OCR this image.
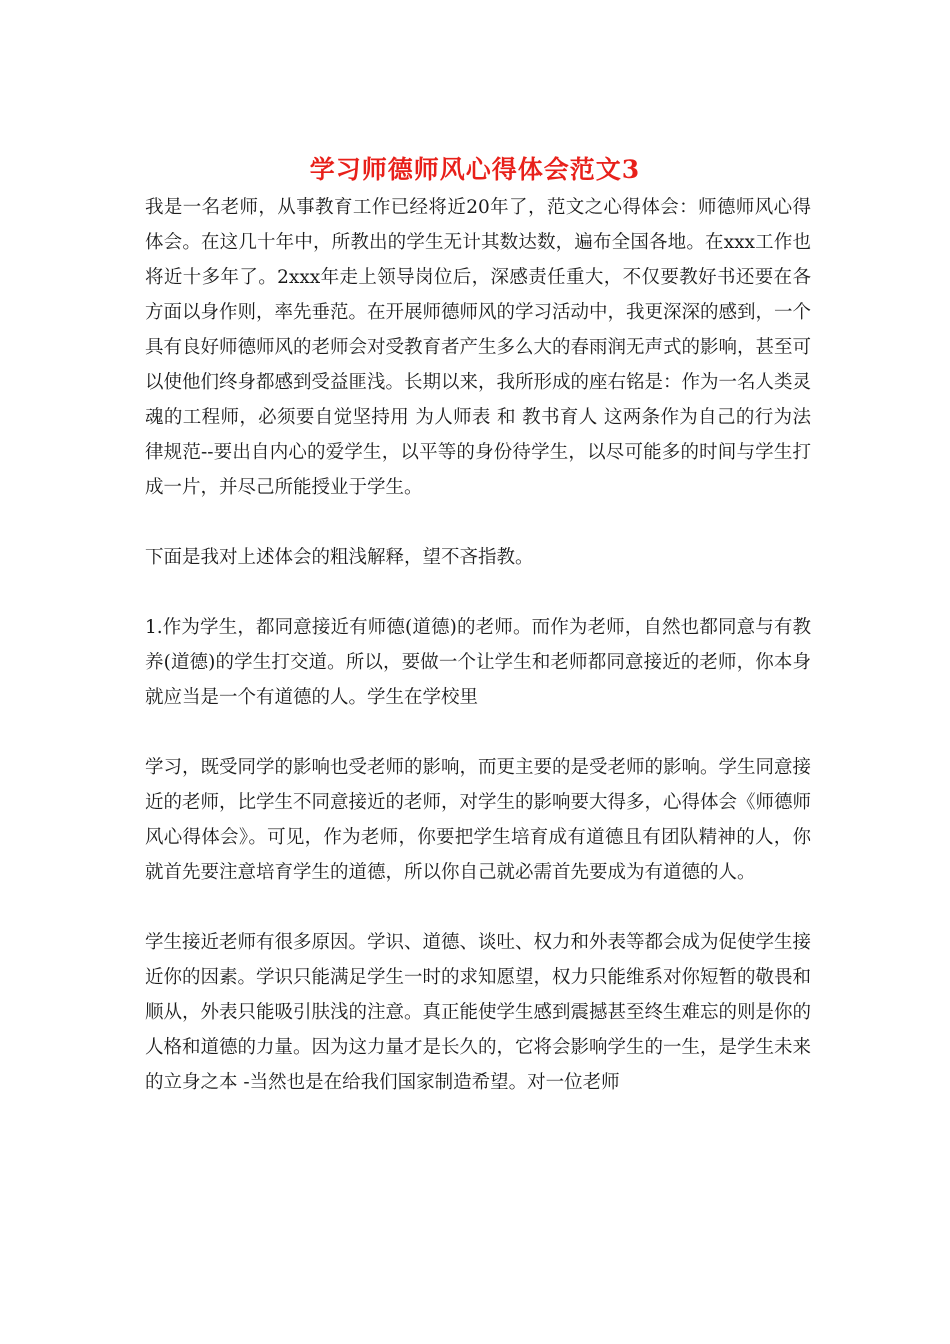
学习师德师风心得体会范文3

我是一名老师，从事教育工作已经将近20年了，范文之心得体会：师德师风心得体会。在这几十年中，所教出的学生无计其数达数，遍布全国各地。在xxx工作也将近十多年了。2xxx年走上领导岗位后，深感责任重大，不仅要教好书还要在各方面以身作则，率先垂范。在开展师德师风的学习活动中，我更深深的感到，一个具有良好师德师风的老师会对受教育者产生多么大的春雨润无声式的影响，甚至可以使他们终身都感到受益匪浅。长期以来，我所形成的座右铭是：作为一名人类灵魂的工程师，必须要自觉坚持用 为人师表 和 教书育人 这两条作为自己的行为法律规范--要出自内心的爱学生，以平等的身份待学生，以尽可能多的时间与学生打成一片，并尽己所能授业于学生。

下面是我对上述体会的粗浅解释，望不吝指教。

1.作为学生，都同意接近有师德(道德)的老师。而作为老师，自然也都同意与有教养(道德)的学生打交道。所以，要做一个让学生和老师都同意接近的老师，你本身就应当是一个有道德的人。学生在学校里

学习，既受同学的影响也受老师的影响，而更主要的是受老师的影响。学生同意接近的老师，比学生不同意接近的老师，对学生的影响要大得多，心得体会《师德师风心得体会》。可见，作为老师，你要把学生培育成有道德且有团队精神的人，你就首先要注意培育学生的道德，所以你自己就必需首先要成为有道德的人。

学生接近老师有很多原因。学识、道德、谈吐、权力和外表等都会成为促使学生接近你的因素。学识只能满足学生一时的求知愿望，权力只能维系对你短暂的敬畏和顺从，外表只能吸引肤浅的注意。真正能使学生感到震撼甚至终生难忘的则是你的人格和道德的力量。因为这力量才是长久的，它将会影响学生的一生，是学生未来的立身之本 -当然也是在给我们国家制造希望。对一位老师
